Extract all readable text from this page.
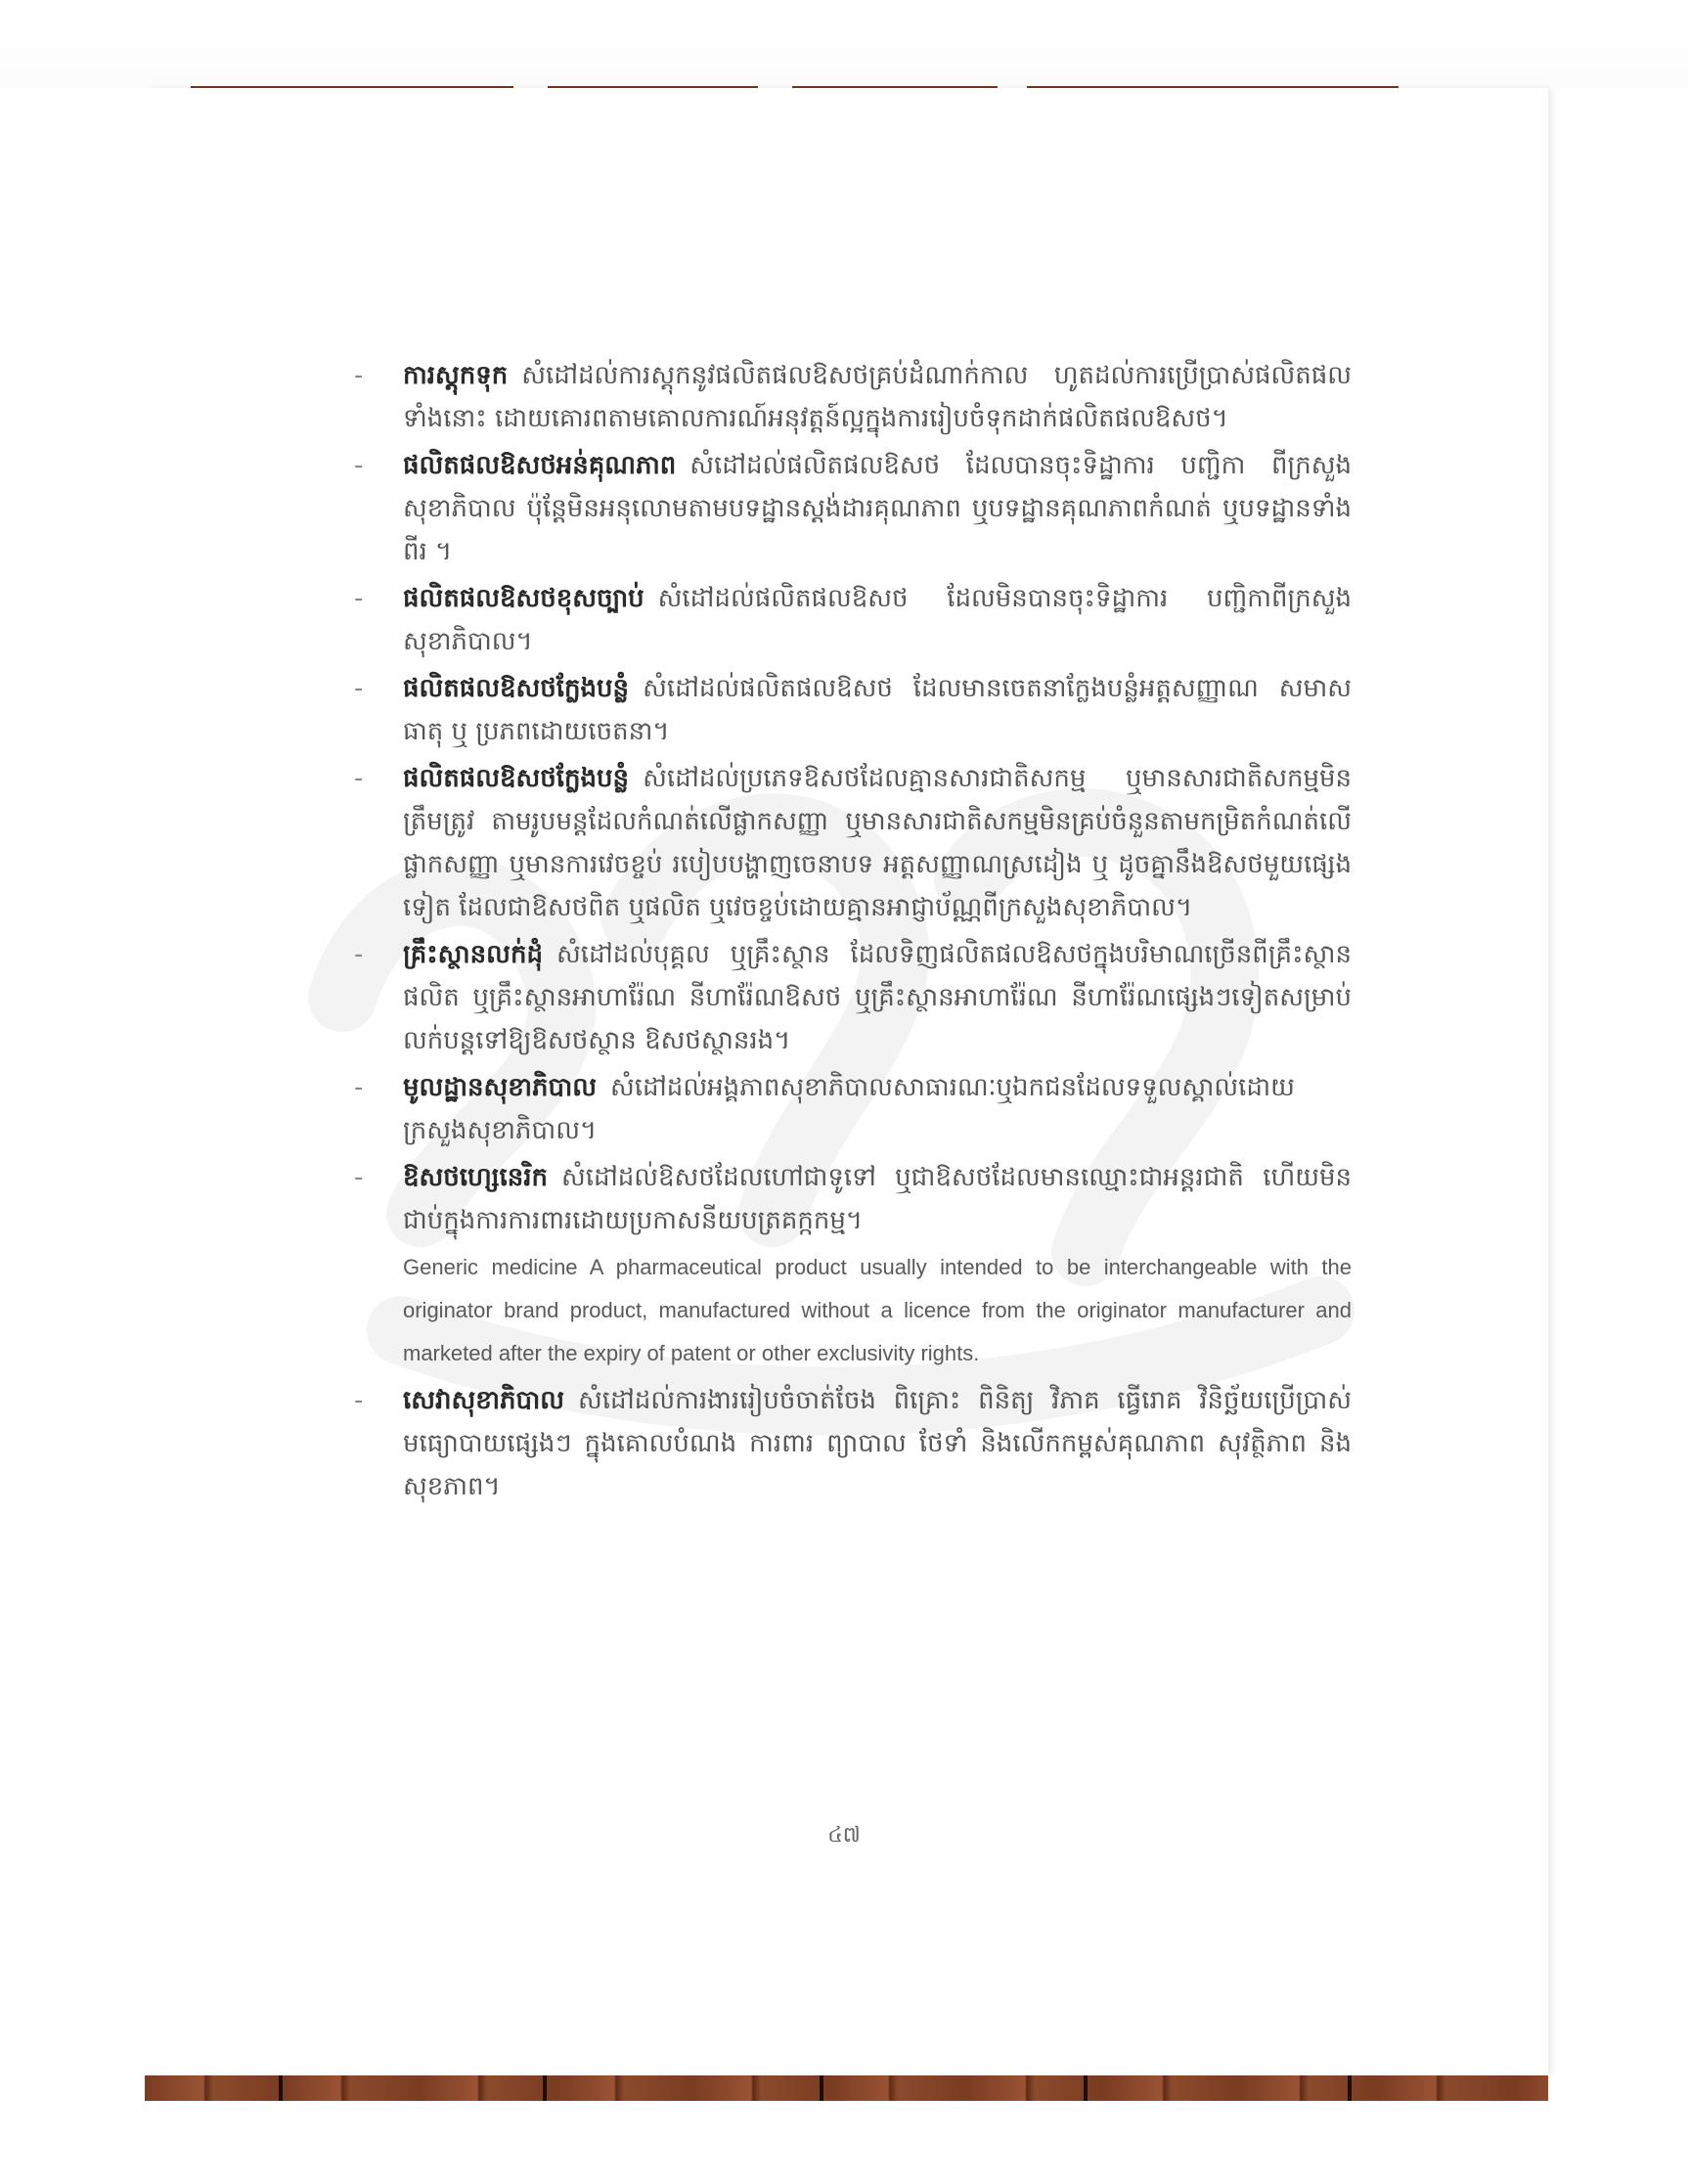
- ការស្តុកទុក សំដៅដល់ការស្តុកនូវផលិតផលឱសថគ្រប់ដំណាក់កាល ហូតដល់ការប្រើប្រាស់ផលិតផលទាំងនោះ ដោយគោរពតាមគោលការណ៍អនុវត្តន៍ល្អក្នុងការរៀបចំទុកដាក់ផលិតផលឱសថ។
- ផលិតផលឱសថអន់គុណភាព សំដៅដល់ផលិតផលឱសថ ដែលបានចុះទិដ្ឋាការ បញ្ជិកា ពីក្រសួងសុខាភិបាល ប៉ុន្តែមិនអនុលោមតាមបទដ្ឋានស្តង់ដារគុណភាព ឬបទដ្ឋានគុណភាពកំណត់ ឬបទដ្ឋានទាំងពីរ ។
- ផលិតផលឱសថខុសច្បាប់ សំដៅដល់ផលិតផលឱសថ ដែលមិនបានចុះទិដ្ឋាការ បញ្ជិកាពីក្រសួងសុខាភិបាល។
- ផលិតផលឱសថក្លែងបន្លំ សំដៅដល់ផលិតផលឱសថ ដែលមានចេតនាក្លែងបន្លំអត្តសញ្ញាណ សមាសធាតុ ឬ ប្រភពដោយចេតនា។
- ផលិតផលឱសថក្លែងបន្លំ សំដៅដល់ប្រភេទឱសថដែលគ្មានសារជាតិសកម្ម ឬមានសារជាតិសកម្មមិនត្រឹមត្រូវ តាមរូបមន្តដែលកំណត់លើផ្លាកសញ្ញា ឬមានសារជាតិសកម្មមិនគ្រប់ចំនួនតាមកម្រិតកំណត់លើផ្លាកសញ្ញា ឬមានការវេចខ្ចប់ របៀបបង្ហាញចេនាបទ អត្តសញ្ញាណស្រដៀង ឬ ដូចគ្នានឹងឱសថមួយផ្សេងទៀត ដែលជាឱសថពិត ឬផលិត ឬវេចខ្ចប់ដោយគ្មានអាជ្ញាប័ណ្ណពីក្រសួងសុខាភិបាល។
- គ្រឹះស្ថានលក់ដុំ សំដៅដល់បុគ្គល ឬគ្រឹះស្ថាន ដែលទិញផលិតផលឱសថក្នុងបរិមាណច្រើនពីគ្រឹះស្ថានផលិត ឬគ្រឹះស្ថានអាហារ៉ែណ នីហារ៉ែណឱសថ ឬគ្រឹះស្ថានអាហារ៉ែណ នីហារ៉ែណផ្សេងៗទៀតសម្រាប់លក់បន្តទៅឱ្យឱសថស្ថាន ឱសថស្ថានរង។
- មូលដ្ឋានសុខាភិបាល សំដៅដល់អង្គភាពសុខាភិបាលសាធារណៈឬឯកជនដែលទទួលស្គាល់ដោយក្រសួងសុខាភិបាល។
- ឱសថហ្សេនេរិក សំដៅដល់ឱសថដែលហៅជាទូទៅ ឬជាឱសថដែលមានឈ្មោះជាអន្តរជាតិ ហើយមិនជាប់ក្នុងការការពារដោយប្រកាសនីយបត្រគក្កកម្ម។

Generic medicine A pharmaceutical product usually intended to be interchangeable with the originator brand product, manufactured without a licence from the originator manufacturer and marketed after the expiry of patent or other exclusivity rights.

- សេវាសុខាភិបាល សំដៅដល់ការងាររៀបចំចាត់ចែង ពិគ្រោះ ពិនិត្យ វិភាគ ធ្វើរោគ វិនិច្ឆ័យប្រើប្រាស់មធ្យោបាយផ្សេងៗ ក្នុងគោលបំណង ការពារ ព្យាបាល ថែទាំ និងលើកកម្ពស់គុណភាព សុវត្ថិភាព និងសុខភាព។
៤៧
